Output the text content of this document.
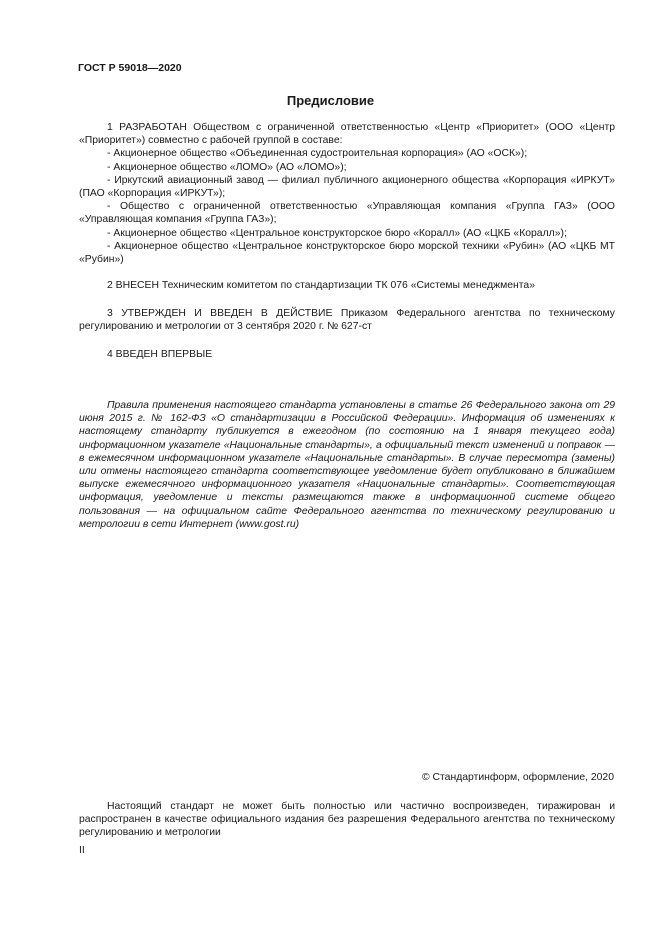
ГОСТ Р 59018—2020
Предисловие

1 РАЗРАБОТАН Обществом с ограниченной ответственностью «Центр «Приоритет» (ООО «Центр «Приоритет») совместно с рабочей группой в составе:

- Акционерное общество «Объединенная судостроительная корпорация» (АО «ОСК»);

- Акционерное общество «ЛОМО» (АО «ЛОМО»);

- Иркутский авиационный завод — филиал публичного акционерного общества «Корпорация «ИРКУТ» (ПАО «Корпорация «ИРКУТ»);

- Общество с ограниченной ответственностью «Управляющая компания «Группа ГАЗ» (ООО «Управляющая компания «Группа ГАЗ»);

- Акционерное общество «Центральное конструкторское бюро «Коралл» (АО «ЦКБ «Коралл»);

- Акционерное общество «Центральное конструкторское бюро морской техники «Рубин» (АО «ЦКБ МТ «Рубин»)

2 ВНЕСЕН Техническим комитетом по стандартизации ТК 076 «Системы менеджмента»

3 УТВЕРЖДЕН И ВВЕДЕН В ДЕЙСТВИЕ Приказом Федерального агентства по техническому регулированию и метрологии от 3 сентября 2020 г. № 627-ст

4 ВВЕДЕН ВПЕРВЫЕ

Правила применения настоящего стандарта установлены в статье 26 Федерального закона от 29 июня 2015 г. № 162-ФЗ «О стандартизации в Российской Федерации». Информация об изменениях к настоящему стандарту публикуется в ежегодном (по состоянию на 1 января текущего года) информационном указателе «Национальные стандарты», а официальный текст изменений и поправок — в ежемесячном информационном указателе «Национальные стандарты». В случае пересмотра (замены) или отмены настоящего стандарта соответствующее уведомление будет опубликовано в ближайшем выпуске ежемесячного информационного указателя «Национальные стандарты». Соответствующая информация, уведомление и тексты размещаются также в информационной системе общего пользования — на официальном сайте Федерального агентства по техническому регулированию и метрологии в сети Интернет (www.gost.ru)
© Стандартинформ, оформление, 2020
Настоящий стандарт не может быть полностью или частично воспроизведен, тиражирован и распространен в качестве официального издания без разрешения Федерального агентства по техническому регулированию и метрологии
II
